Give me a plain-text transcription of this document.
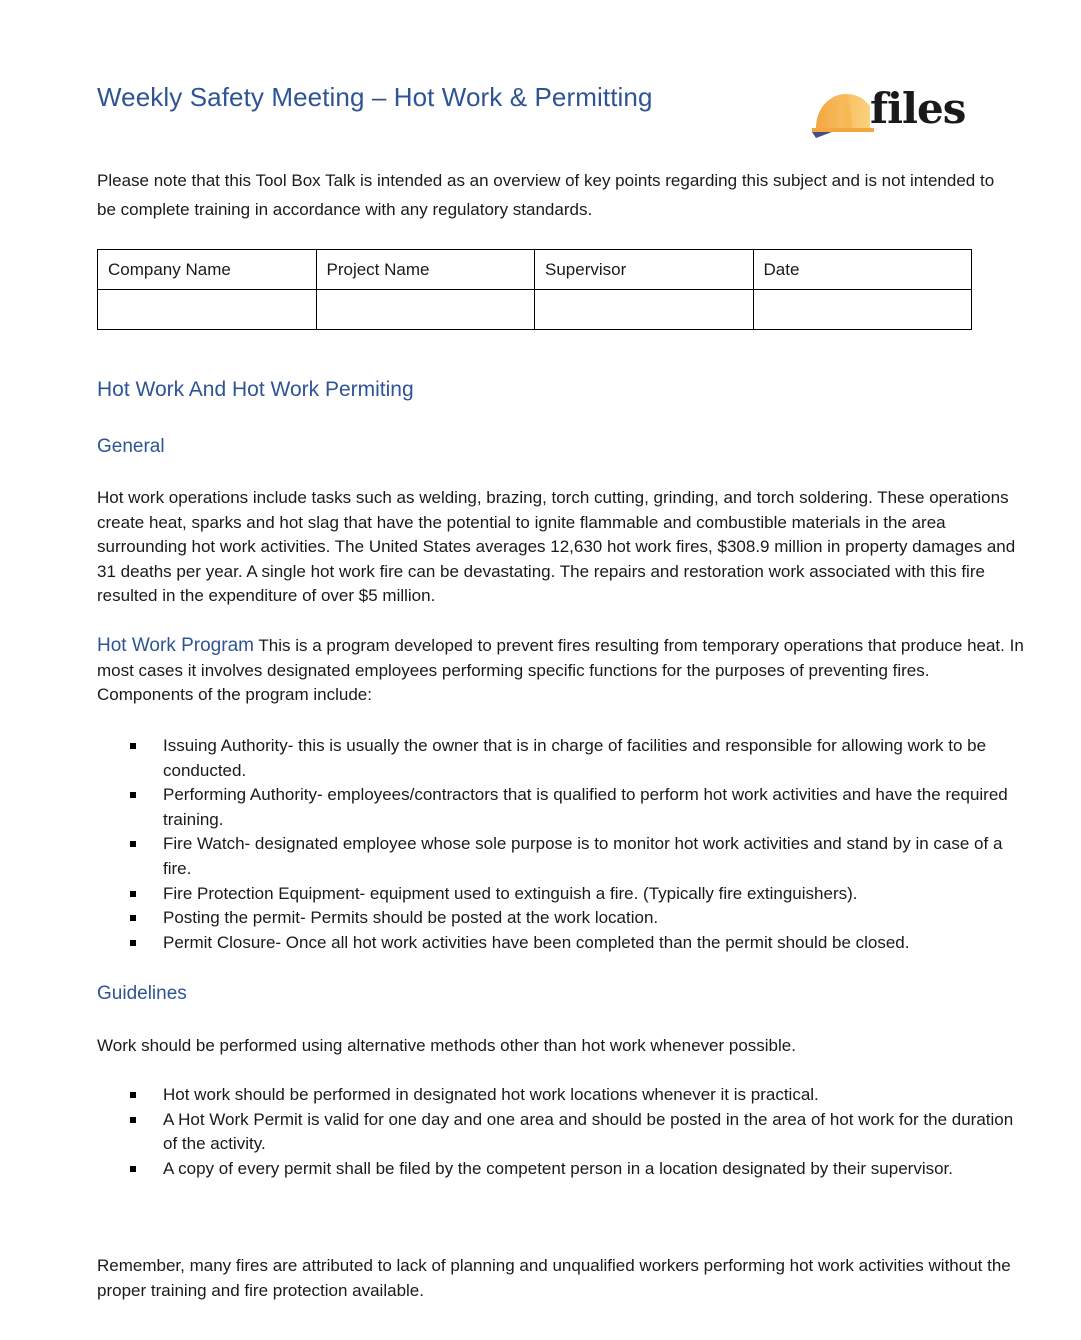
Weekly Safety Meeting – Hot Work & Permitting	files

Please note that this Tool Box Talk is intended as an overview of key points regarding this subject and is not intended to be complete training in accordance with any regulatory standards.

Company Name	Project Name	Supervisor	Date

Hot Work And Hot Work Permiting
General

Hot work operations include tasks such as welding, brazing, torch cutting, grinding, and torch soldering. These operations create heat, sparks and hot slag that have the potential to ignite flammable and combustible materials in the area surrounding hot work activities. The United States averages 12,630 hot work fires, $308.9 million in property damages and 31 deaths per year. A single hot work fire can be devastating. The repairs and restoration work associated with this fire resulted in the expenditure of over $5 million.

Hot Work Program This is a program developed to prevent fires resulting from temporary operations that produce heat. In most cases it involves designated employees performing specific functions for the purposes of preventing fires. Components of the program include:

Issuing Authority- this is usually the owner that is in charge of facilities and responsible for allowing work to be conducted.
Performing Authority- employees/contractors that is qualified to perform hot work activities and have the required training.
Fire Watch- designated employee whose sole purpose is to monitor hot work activities and stand by in case of a fire.
Fire Protection Equipment- equipment used to extinguish a fire. (Typically fire extinguishers).
Posting the permit- Permits should be posted at the work location.
Permit Closure- Once all hot work activities have been completed than the permit should be closed.
Guidelines

Work should be performed using alternative methods other than hot work whenever possible.

Hot work should be performed in designated hot work locations whenever it is practical.
A Hot Work Permit is valid for one day and one area and should be posted in the area of hot work for the duration of the activity.
A copy of every permit shall be filed by the competent person in a location designated by their supervisor.

Remember, many fires are attributed to lack of planning and unqualified workers performing hot work activities without the proper training and fire protection available.
